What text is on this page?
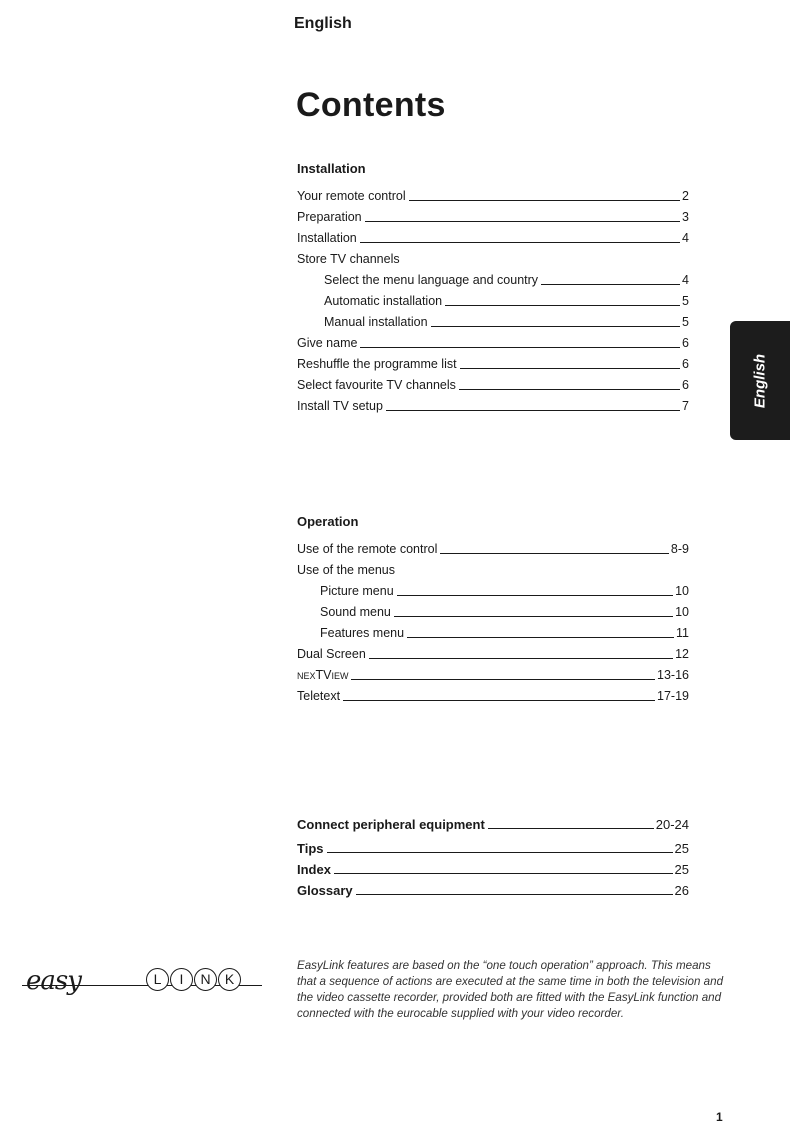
English
Contents
Installation
Your remote control	2
Preparation	3
Installation	4
Store TV channels
Select the menu language and country	4
Automatic installation	5
Manual installation	5
Give name	6
Reshuffle the programme list	6
Select favourite TV channels	6
Install TV setup	7
Operation
Use of the remote control	8-9
Use of the menus
Picture menu	10
Sound menu	10
Features menu	11
Dual Screen	12
nexTView	13-16
Teletext	17-19
Connect peripheral equipment	20-24
Tips	25
Index	25
Glossary	26
English
easy	L	I	N	K

EasyLink features are based on the “one touch operation” approach. This means that a sequence of actions are executed at the same time in both the television and the video cassette recorder, provided both are fitted with the EasyLink function and connected with the eurocable supplied with your video recorder.

1
